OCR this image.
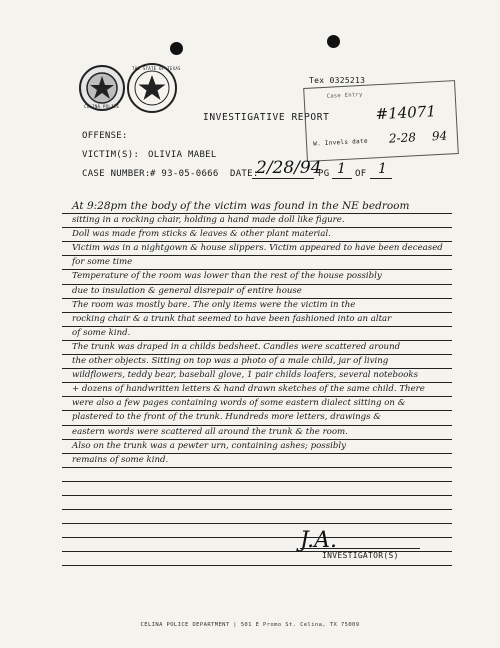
COLINA POLICE
THE STATE OF TEXAS
Tex 0325213
INVESTIGATIVE REPORT
Case Entry
#14071
W. Invels date 2-28 94
OFFENSE:
VICTIM(S): OLIVIA MABEL
CASE NUMBER: # 93-05-0666 DATE:
2/28/94
PG 1 OF 1
At 9:28pm the body of the victim was found in the NE bedroom
sitting in a rocking chair, holding a hand made doll like figure.
Doll was made from sticks & leaves & other plant material.
Victim was in a nightgown & house slippers. Victim appeared to have been deceased
for some time
Temperature of the room was lower than the rest of the house possibly
due to insulation & general disrepair of entire house
The room was mostly bare. The only items were the victim in the
rocking chair & a trunk that seemed to have been fashioned into an altar
of some kind.
The trunk was draped in a childs bedsheet. Candles were scattered around
the other objects. Sitting on top was a photo of a male child, jar of living
wildflowers, teddy bear, baseball glove, 1 pair childs loafers, several notebooks
+ dozens of handwritten letters & hand drawn sketches of the same child. There
were also a few pages containing words of some eastern dialect sitting on &
plastered to the front of the trunk. Hundreds more letters, drawings &
eastern words were scattered all around the trunk & the room.
Also on the trunk was a pewter urn, containing ashes; possibly
remains of some kind.
J.A.
INVESTIGATOR(S)
CELINA POLICE DEPARTMENT | 501 E Promo St. Celina, TX 75009
